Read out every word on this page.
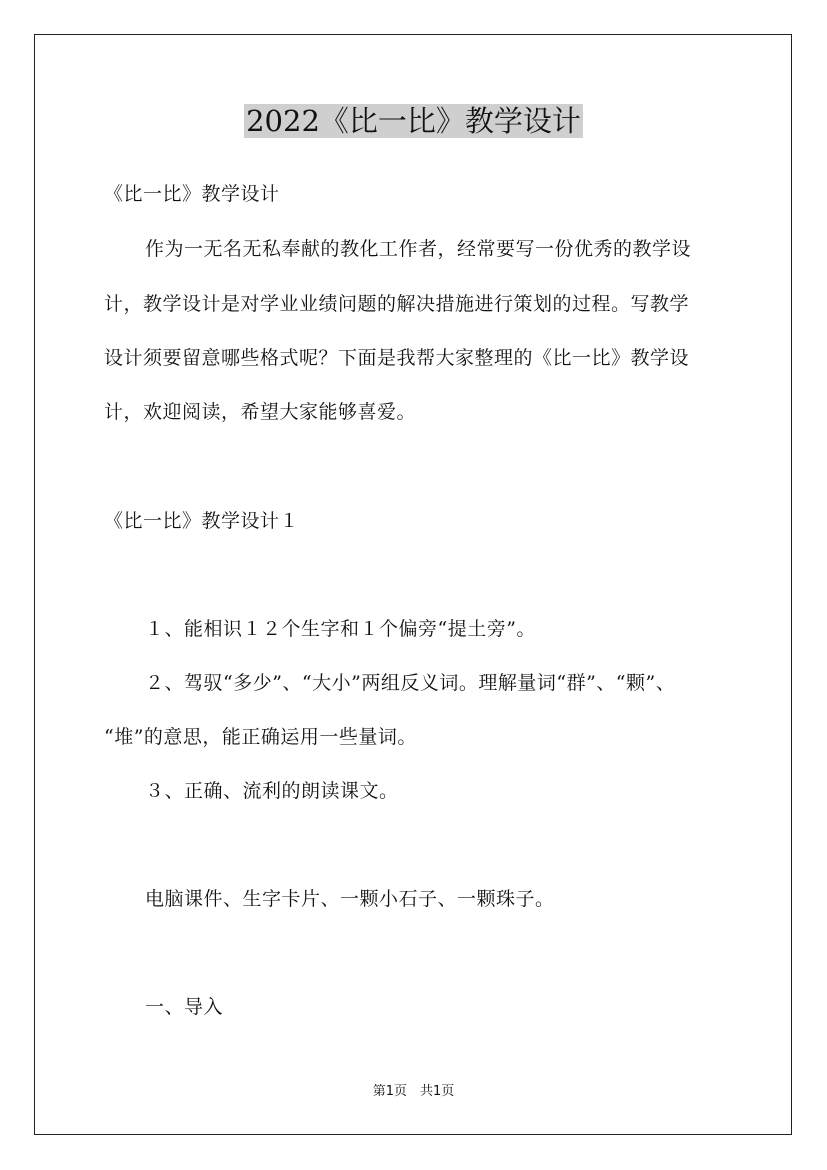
2022《比一比》教学设计

《比一比》教学设计

作为一无名无私奉献的教化工作者，经常要写一份优秀的教学设

计，教学设计是对学业业绩问题的解决措施进行策划的过程。写教学

设计须要留意哪些格式呢？下面是我帮大家整理的《比一比》教学设

计，欢迎阅读，希望大家能够喜爱。

《比一比》教学设计１

１、能相识１２个生字和１个偏旁“提土旁”。

２、驾驭“多少”、“大小”两组反义词。理解量词“群”、“颗”、

“堆”的意思，能正确运用一些量词。

３、正确、流利的朗读课文。

电脑课件、生字卡片、一颗小石子、一颗珠子。

一、导入

第1页　共1页
